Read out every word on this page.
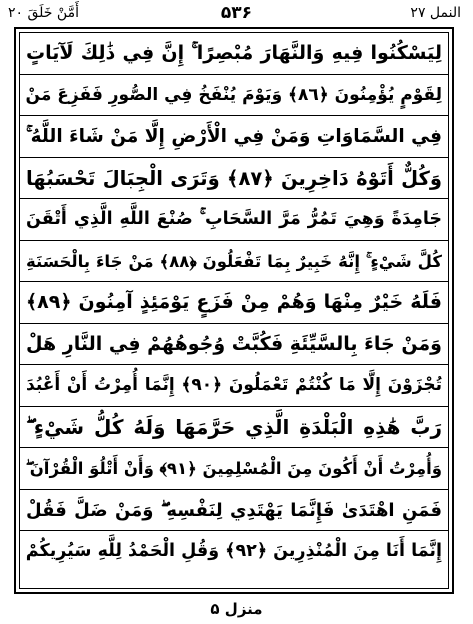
أَمَّنْ خَلَقَ ۲۰	۵۳۶	النمل ۲۷
لِيَسْكُنُوا فِيهِ وَالنَّهَارَ مُبْصِرًا ۚ إِنَّ فِي ذَٰلِكَ لَآيَاتٍ
لِقَوْمٍ يُؤْمِنُونَ ﴿٨٦﴾ وَيَوْمَ يُنْفَخُ فِي الصُّورِ فَفَزِعَ مَنْ
فِي السَّمَاوَاتِ وَمَنْ فِي الْأَرْضِ إِلَّا مَنْ شَاءَ اللَّهُ ۚ
وَكُلٌّ أَتَوْهُ دَاخِرِينَ ﴿٨٧﴾ وَتَرَى الْجِبَالَ تَحْسَبُهَا
جَامِدَةً وَهِيَ تَمُرُّ مَرَّ السَّحَابِ ۚ صُنْعَ اللَّهِ الَّذِي أَتْقَنَ
كُلَّ شَيْءٍ ۚ إِنَّهُ خَبِيرٌ بِمَا تَفْعَلُونَ ﴿٨٨﴾ مَنْ جَاءَ بِالْحَسَنَةِ
فَلَهُ خَيْرٌ مِنْهَا وَهُمْ مِنْ فَزَعٍ يَوْمَئِذٍ آمِنُونَ ﴿٨٩﴾
وَمَنْ جَاءَ بِالسَّيِّئَةِ فَكُبَّتْ وُجُوهُهُمْ فِي النَّارِ هَلْ
تُجْزَوْنَ إِلَّا مَا كُنْتُمْ تَعْمَلُونَ ﴿٩٠﴾ إِنَّمَا أُمِرْتُ أَنْ أَعْبُدَ
رَبَّ هَٰذِهِ الْبَلْدَةِ الَّذِي حَرَّمَهَا وَلَهُ كُلُّ شَيْءٍ ۖ
وَأُمِرْتُ أَنْ أَكُونَ مِنَ الْمُسْلِمِينَ ﴿٩١﴾ وَأَنْ أَتْلُوَ الْقُرْآنَ ۖ
فَمَنِ اهْتَدَىٰ فَإِنَّمَا يَهْتَدِي لِنَفْسِهِ ۖ وَمَنْ ضَلَّ فَقُلْ
إِنَّمَا أَنَا مِنَ الْمُنْذِرِينَ ﴿٩٢﴾ وَقُلِ الْحَمْدُ لِلَّهِ سَيُرِيكُمْ
منزل ۵
